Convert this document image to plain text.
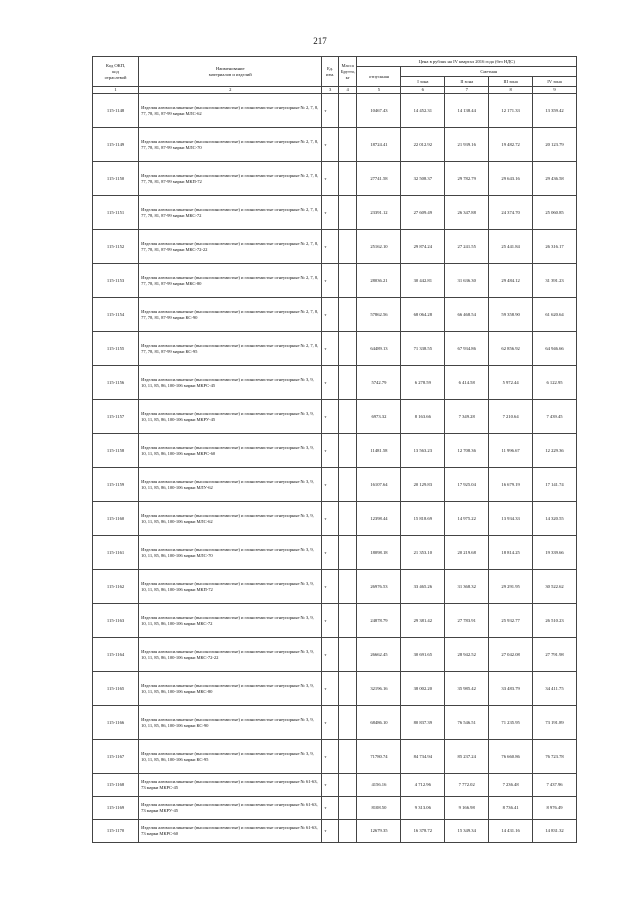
217
Код ОКП,
код
отраслевой	Наименование
материалов и изделий	Ед.
изм.	Масса
Брутто,
кг	Цена в рублях на IV квартал 2016 года (без НДС)				
				отпускная	Сметная			
					I зона	II зона	III зона	IV зона
1	2	3	4	5	6	7	8	9
115-1148	Изделия алюмосиликатные (высокоглиноземистые) и глиноземистые огнеупорные № 2, 7, 8, 77, 78, 81, 87-99 марки МЛС-62	т		10467.43	14 452.31	14 138.44	12 171.33	13 359.42
115-1149	Изделия алюмосиликатные (высокоглиноземистые) и глиноземистые огнеупорные № 2, 7, 8, 77, 78, 81, 87-99 марки МЛС-70	т		18724.41	22 012.92	21 939.16	19 482.72	20 123.79
115-1150	Изделия алюмосиликатные (высокоглиноземистые) и глиноземистые огнеупорные № 2, 7, 8, 77, 78, 81, 87-99 марки МКП-72	т		27741.58	32 508.37	29 782.79	29 643.16	29 436.58
115-1151	Изделия алюмосиликатные (высокоглиноземистые) и глиноземистые огнеупорные № 2, 7, 8, 77, 78, 81, 87-99 марки МКС-72	т		23391.12	27 609.49	26 347.88	24 374.70	25 060.85
115-1152	Изделия алюмосиликатные (высокоглиноземистые) и глиноземистые огнеупорные № 2, 7, 8, 77, 78, 81, 87-99 марки МКС-72-22	т		25162.10	29 874.24	27 241.55	25 441.84	26 316.17
115-1153	Изделия алюмосиликатные (высокоглиноземистые) и глиноземистые огнеупорные № 2, 7, 8, 77, 78, 81, 87-99 марки МКС-80	т		28036.21	30 442.81	31 636.30	29 484.12	31 391.23
115-1154	Изделия алюмосиликатные (высокоглиноземистые) и глиноземистые огнеупорные № 2, 7, 8, 77, 78, 81, 87-99 марки КС-90	т		57862.56	68 064.28	66 468.54	59 358.90	61 620.64
115-1155	Изделия алюмосиликатные (высокоглиноземистые) и глиноземистые огнеупорные № 2, 7, 8, 77, 78, 81, 87-99 марки КС-95	т		64489.13	71 338.55	67 934.86	62 856.92	64 946.66
115-1156	Изделия алюмосиликатные (высокоглиноземистые) и глиноземистые огнеупорные № 3, 9, 10, 11, 85, 86, 100-106 марки МКРС-45	т		5742.79	6 278.59	6 414.58	5 972.44	6 122.95
115-1157	Изделия алюмосиликатные (высокоглиноземистые) и глиноземистые огнеупорные № 3, 9, 10, 11, 85, 86, 100-106 марки МКРУ-45	т		6973.32	8 163.66	7 349.28	7 210.64	7 439.45
115-1158	Изделия алюмосиликатные (высокоглиноземистые) и глиноземистые огнеупорные № 3, 9, 10, 11, 85, 86, 100-106 марки МКРС-60	т		11481.58	13 563.23	12 708.36	11 996.67	12 229.36
115-1159	Изделия алюмосиликатные (высокоглиноземистые) и глиноземистые огнеупорные № 3, 9, 10, 11, 85, 86, 100-106 марки МЛУ-62	т		16107.64	20 129.83	17 925.04	16 679.19	17 141.74
115-1160	Изделия алюмосиликатные (высокоглиноземистые) и глиноземистые огнеупорные № 3, 9, 10, 11, 85, 86, 100-106 марки МЛС-62	т		12398.44	15 818.69	14 975.22	13 934.33	14 320.55
115-1161	Изделия алюмосиликатные (высокоглиноземистые) и глиноземистые огнеупорные № 3, 9, 10, 11, 85, 86, 100-106 марки МЛС-70	т		18098.18	21 353.10	20 219.68	18 814.25	19 339.66
115-1162	Изделия алюмосиликатные (высокоглиноземистые) и глиноземистые огнеупорные № 3, 9, 10, 11, 85, 86, 100-106 марки МКП-72	т		26976.53	33 465.26	31 368.32	29 291.95	30 522.62
115-1163	Изделия алюмосиликатные (высокоглиноземистые) и глиноземистые огнеупорные № 3, 9, 10, 11, 85, 86, 100-106 марки МКС-72	т		24878.79	29 381.42	27 783.91	25 932.77	26 510.23
115-1164	Изделия алюмосиликатные (высокоглиноземистые) и глиноземистые огнеупорные № 3, 9, 10, 11, 85, 86, 100-106 марки МКС-72-22	т		26662.45	30 691.65	28 942.52	27 042.08	27 791.98
115-1165	Изделия алюмосиликатные (высокоглиноземистые) и глиноземистые огнеупорные № 3, 9, 10, 11, 85, 86, 100-106 марки МКС-80	т		32196.16	38 002.20	35 985.42	33 483.79	34 411.75
115-1166	Изделия алюмосиликатные (высокоглиноземистые) и глиноземистые огнеупорные № 3, 9, 10, 11, 85, 86, 100-106 марки КС-90	т		68486.10	80 837.39	76 546.51	71 235.95	73 191.89
115-1167	Изделия алюмосиликатные (высокоглиноземистые) и глиноземистые огнеупорные № 3, 9, 10, 11, 85, 86, 100-106 марки КС-95	т		71780.74	84 734.94	85 237.24	76 660.86	76 723.78
115-1168	Изделия алюмосиликатные (высокоглиноземистые) и глиноземистые огнеупорные № 61-63, 73 марки МКРС-45	т		4156.16	4 712.96	7 772.02	7 236.48	7 437.96
115-1169	Изделия алюмосиликатные (высокоглиноземистые) и глиноземистые огнеупорные № 61-63, 73 марки МКРУ-45	т		8108.50	9 313.06	9 166.98	8 736.41	8 976.49
115-1170	Изделия алюмосиликатные (высокоглиноземистые) и глиноземистые огнеупорные № 61-63, 73 марки МКРС-60	т		12679.35	16 378.72	15 349.34	14 431.16	14 831.32
